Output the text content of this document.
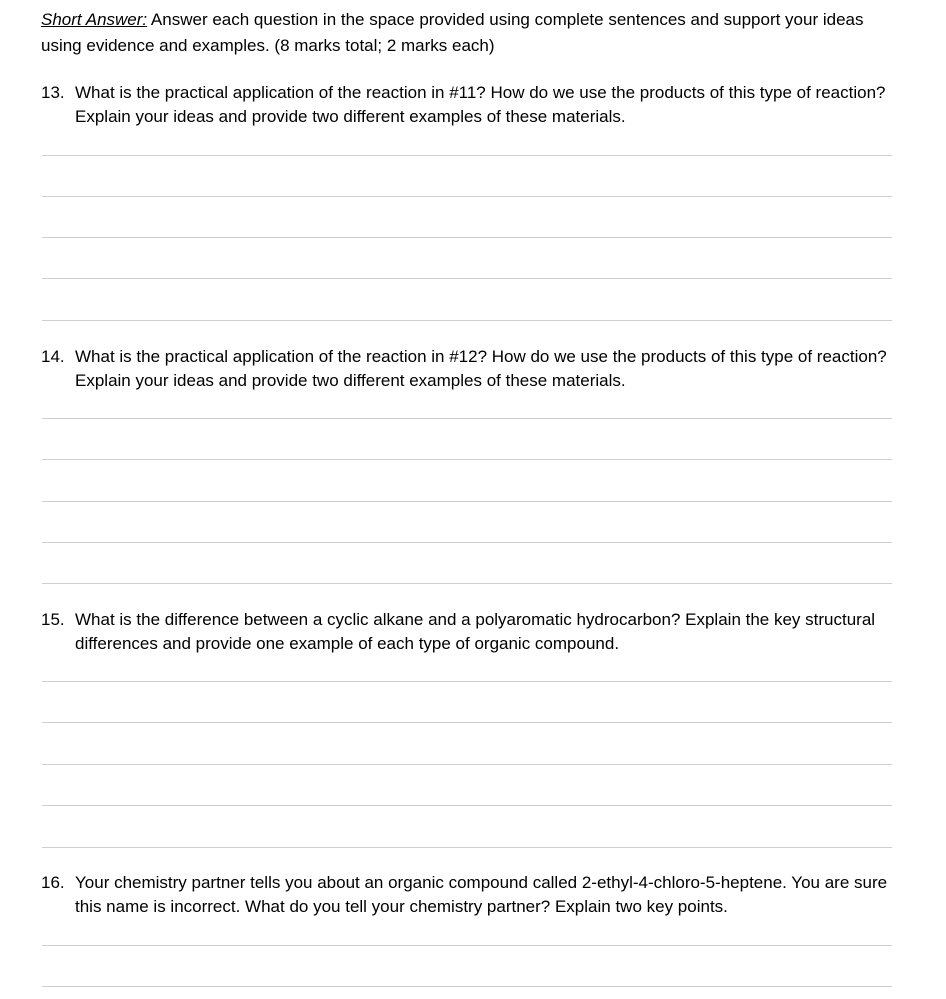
Short Answer: Answer each question in the space provided using complete sentences and support your ideas using evidence and examples. (8 marks total; 2 marks each)

13. What is the practical application of the reaction in #11? How do we use the products of this type of reaction? Explain your ideas and provide two different examples of these materials.
14. What is the practical application of the reaction in #12? How do we use the products of this type of reaction? Explain your ideas and provide two different examples of these materials.
15. What is the difference between a cyclic alkane and a polyaromatic hydrocarbon? Explain the key structural differences and provide one example of each type of organic compound.
16. Your chemistry partner tells you about an organic compound called 2-ethyl-4-chloro-5-heptene. You are sure this name is incorrect. What do you tell your chemistry partner? Explain two key points.
